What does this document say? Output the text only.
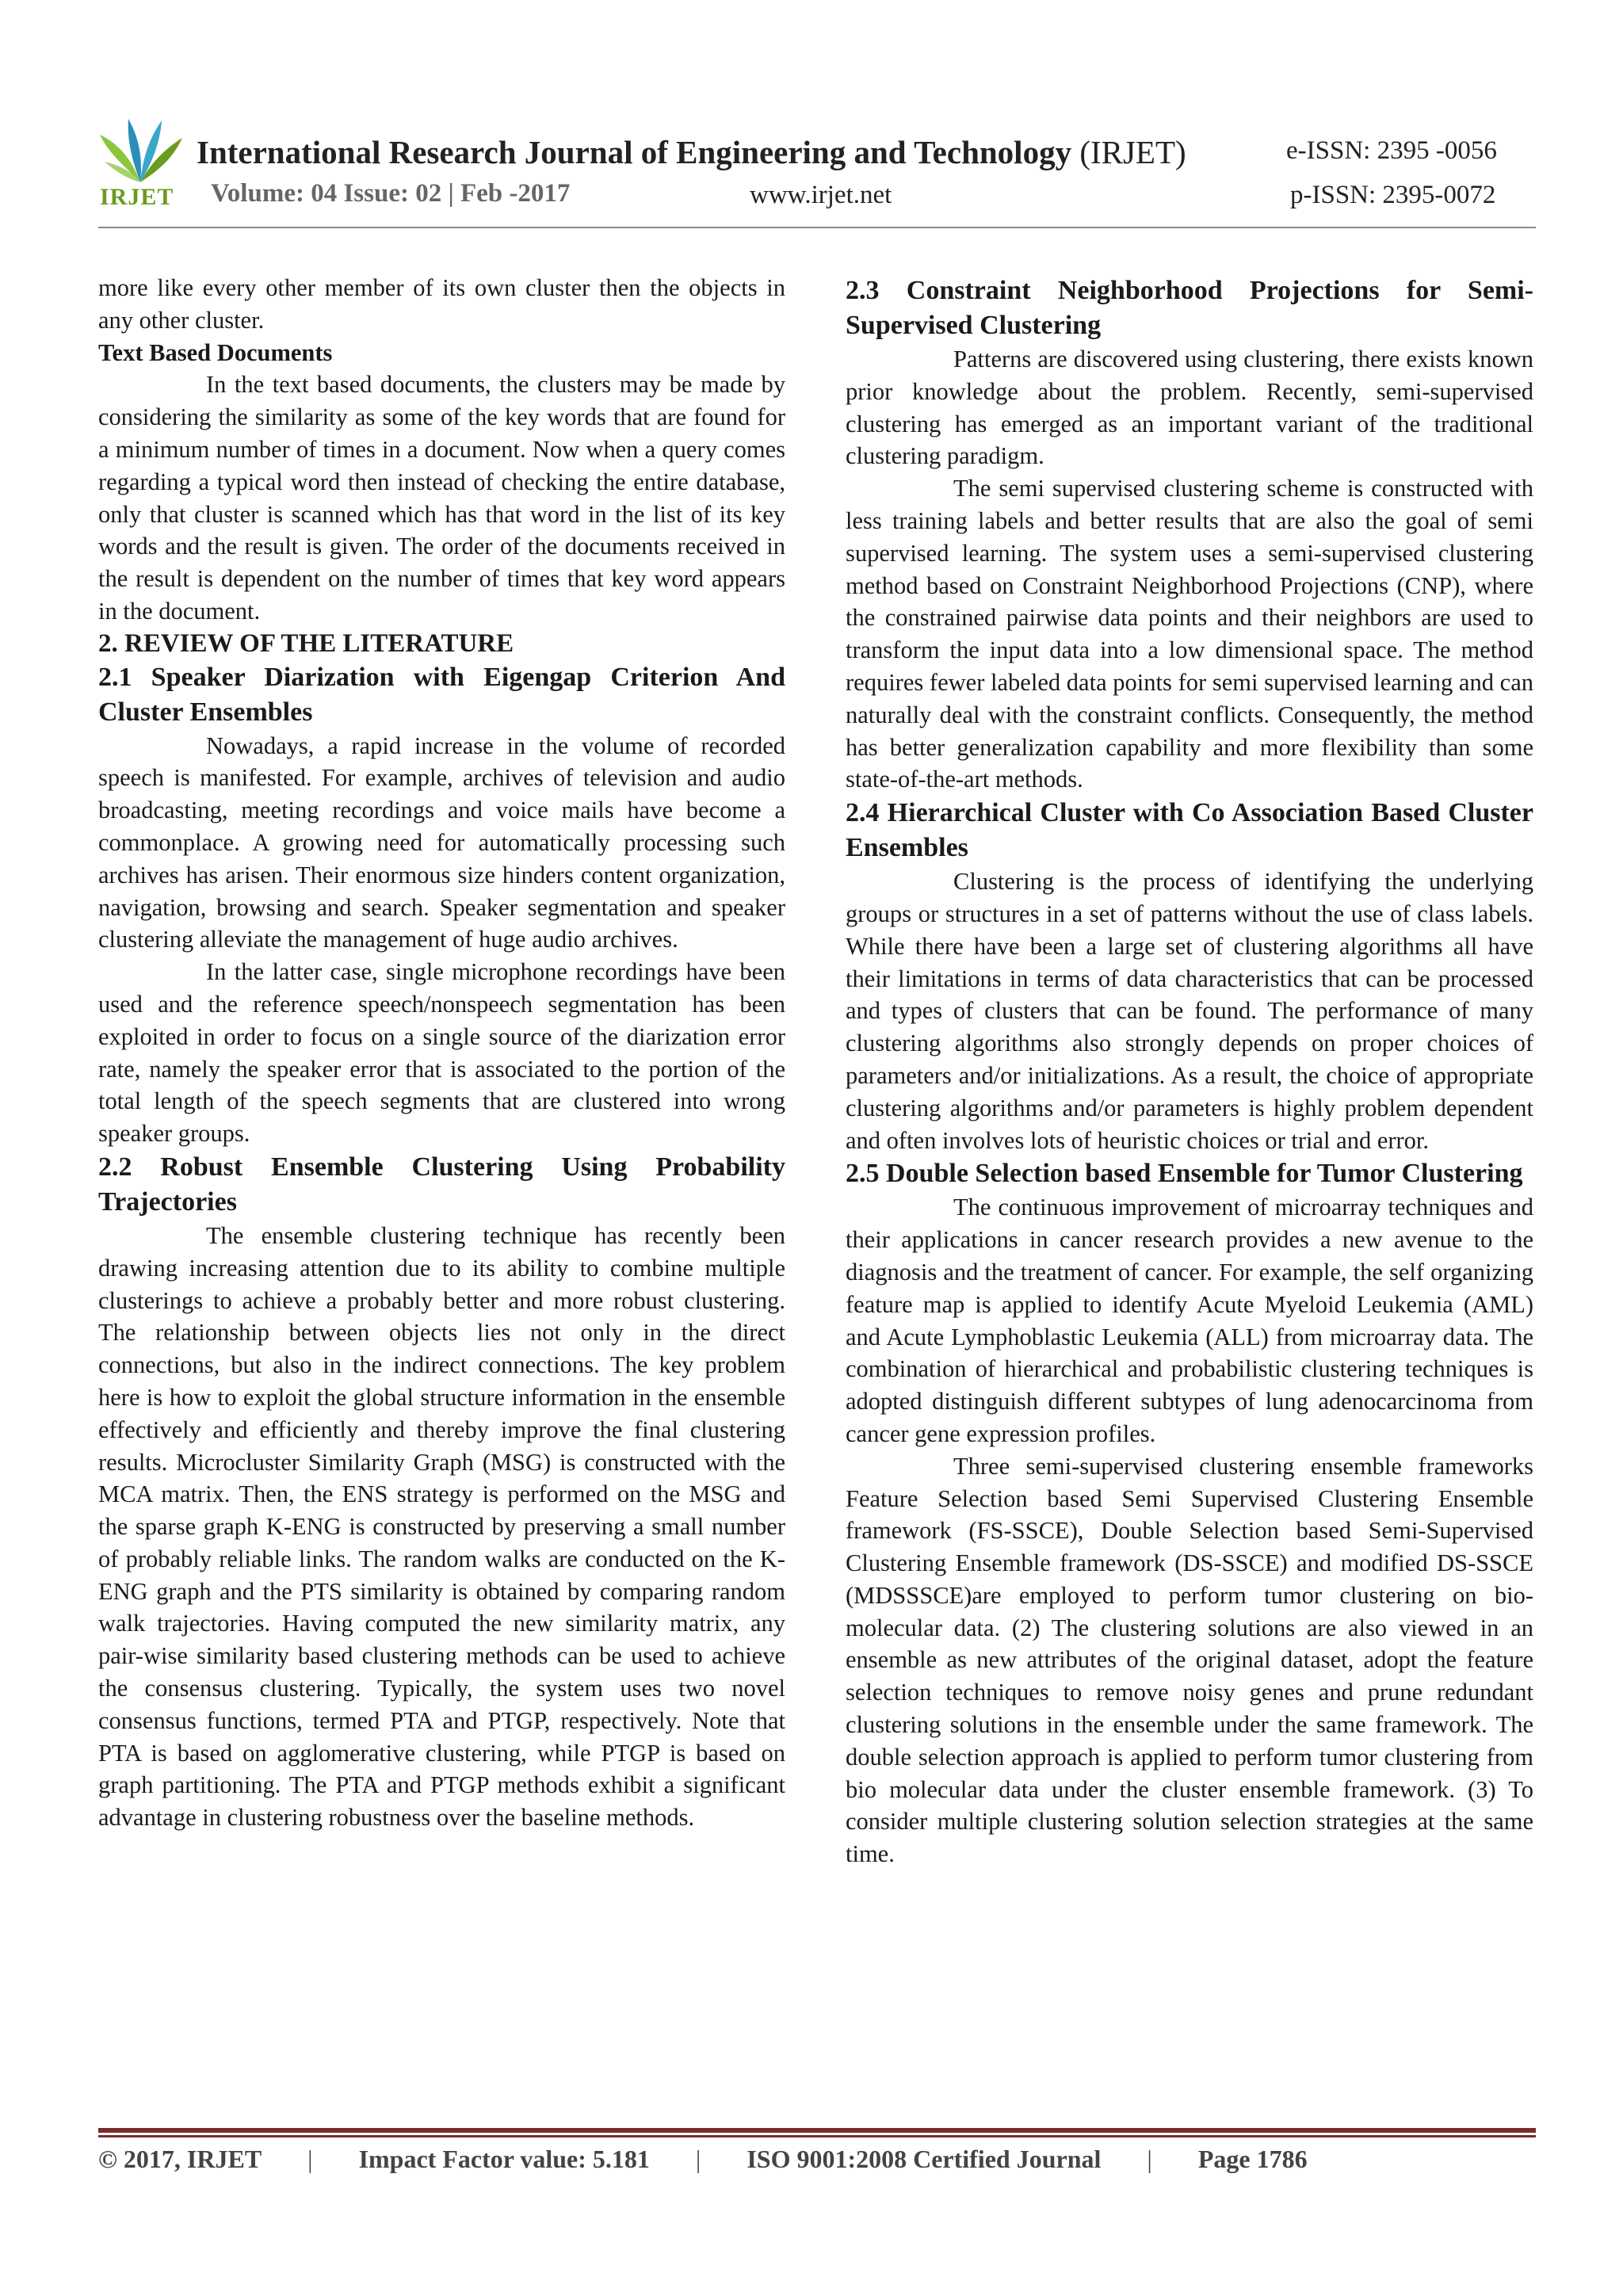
IRJET
International Research Journal of Engineering and Technology (IRJET)	e-ISSN: 2395 -0056
Volume: 04 Issue: 02 | Feb -2017	www.irjet.net	p-ISSN: 2395-0072

more like every other member of its own cluster then the objects in any other cluster.

Text Based Documents

In the text based documents, the clusters may be made by considering the similarity as some of the key words that are found for a minimum number of times in a document. Now when a query comes regarding a typical word then instead of checking the entire database, only that cluster is scanned which has that word in the list of its key words and the result is given. The order of the documents received in the result is dependent on the number of times that key word appears in the document.

2. REVIEW OF THE LITERATURE

2.1 Speaker Diarization with Eigengap Criterion And Cluster Ensembles

Nowadays, a rapid increase in the volume of recorded speech is manifested. For example, archives of television and audio broadcasting, meeting recordings and voice mails have become a commonplace. A growing need for automatically processing such archives has arisen. Their enormous size hinders content organization, navigation, browsing and search. Speaker segmentation and speaker clustering alleviate the management of huge audio archives.

In the latter case, single microphone recordings have been used and the reference speech/nonspeech segmentation has been exploited in order to focus on a single source of the diarization error rate, namely the speaker error that is associated to the portion of the total length of the speech segments that are clustered into wrong speaker groups.

2.2 Robust Ensemble Clustering Using Probability Trajectories

The ensemble clustering technique has recently been drawing increasing attention due to its ability to combine multiple clusterings to achieve a probably better and more robust clustering. The relationship between objects lies not only in the direct connections, but also in the indirect connections. The key problem here is how to exploit the global structure information in the ensemble effectively and efficiently and thereby improve the final clustering results. Microcluster Similarity Graph (MSG) is constructed with the MCA matrix. Then, the ENS strategy is performed on the MSG and the sparse graph K-ENG is constructed by preserving a small number of probably reliable links. The random walks are conducted on the K-ENG graph and the PTS similarity is obtained by comparing random walk trajectories. Having computed the new similarity matrix, any pair-wise similarity based clustering methods can be used to achieve the consensus clustering. Typically, the system uses two novel consensus functions, termed PTA and PTGP, respectively. Note that PTA is based on agglomerative clustering, while PTGP is based on graph partitioning. The PTA and PTGP methods exhibit a significant advantage in clustering robustness over the baseline methods.

2.3 Constraint Neighborhood Projections for Semi-Supervised Clustering

Patterns are discovered using clustering, there exists known prior knowledge about the problem. Recently, semi-supervised clustering has emerged as an important variant of the traditional clustering paradigm.

The semi supervised clustering scheme is constructed with less training labels and better results that are also the goal of semi supervised learning. The system uses a semi-supervised clustering method based on Constraint Neighborhood Projections (CNP), where the constrained pairwise data points and their neighbors are used to transform the input data into a low dimensional space. The method requires fewer labeled data points for semi supervised learning and can naturally deal with the constraint conflicts. Consequently, the method has better generalization capability and more flexibility than some state-of-the-art methods.

2.4 Hierarchical Cluster with Co Association Based Cluster Ensembles

Clustering is the process of identifying the underlying groups or structures in a set of patterns without the use of class labels. While there have been a large set of clustering algorithms all have their limitations in terms of data characteristics that can be processed and types of clusters that can be found. The performance of many clustering algorithms also strongly depends on proper choices of parameters and/or initializations. As a result, the choice of appropriate clustering algorithms and/or parameters is highly problem dependent and often involves lots of heuristic choices or trial and error.

2.5 Double Selection based Ensemble for Tumor Clustering

The continuous improvement of microarray techniques and their applications in cancer research provides a new avenue to the diagnosis and the treatment of cancer. For example, the self organizing feature map is applied to identify Acute Myeloid Leukemia (AML) and Acute Lymphoblastic Leukemia (ALL) from microarray data. The combination of hierarchical and probabilistic clustering techniques is adopted distinguish different subtypes of lung adenocarcinoma from cancer gene expression profiles.

Three semi-supervised clustering ensemble frameworks Feature Selection based Semi Supervised Clustering Ensemble framework (FS-SSCE), Double Selection based Semi-Supervised Clustering Ensemble framework (DS-SSCE) and modified DS-SSCE (MDSSSCE)are employed to perform tumor clustering on bio-molecular data. (2) The clustering solutions are also viewed in an ensemble as new attributes of the original dataset, adopt the feature selection techniques to remove noisy genes and prune redundant clustering solutions in the ensemble under the same framework. The double selection approach is applied to perform tumor clustering from bio molecular data under the cluster ensemble framework. (3) To consider multiple clustering solution selection strategies at the same time.

© 2017, IRJET | Impact Factor value: 5.181 | ISO 9001:2008 Certified Journal | Page 1786
